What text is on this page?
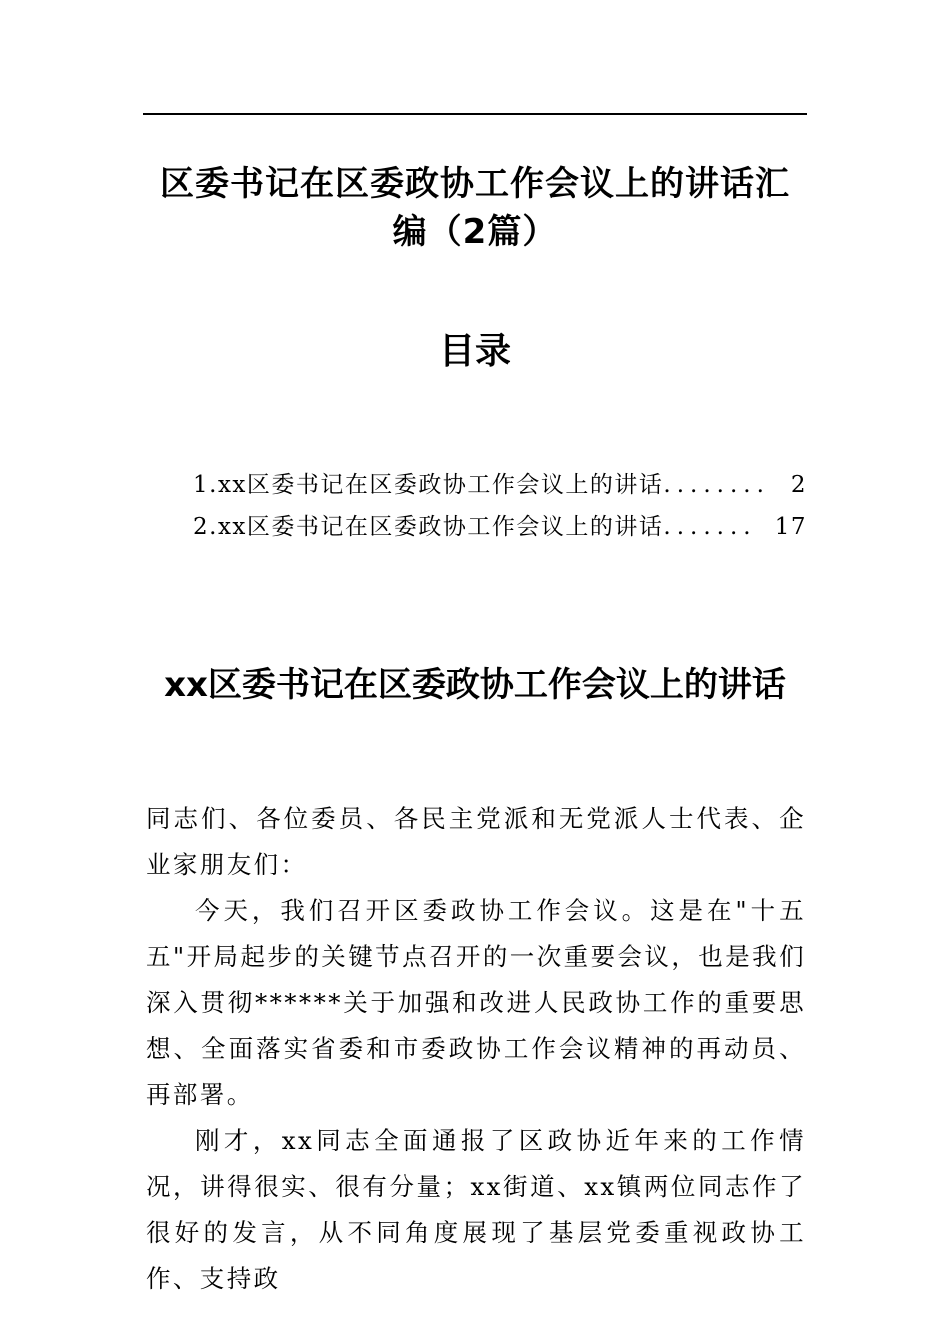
区委书记在区委政协工作会议上的讲话汇编（2篇）
目录
1.xx区委书记在区委政协工作会议上的讲话 ........ 2
2.xx区委书记在区委政协工作会议上的讲话 ....... 17
xx区委书记在区委政协工作会议上的讲话

同志们、各位委员、各民主党派和无党派人士代表、企业家朋友们：

今天，我们召开区委政协工作会议。这是在"十五五"开局起步的关键节点召开的一次重要会议，也是我们深入贯彻******关于加强和改进人民政协工作的重要思想、全面落实省委和市委政协工作会议精神的再动员、再部署。

刚才，xx同志全面通报了区政协近年来的工作情况，讲得很实、很有分量；xx街道、xx镇两位同志作了很好的发言，从不同角度展现了基层党委重视政协工作、支持政
